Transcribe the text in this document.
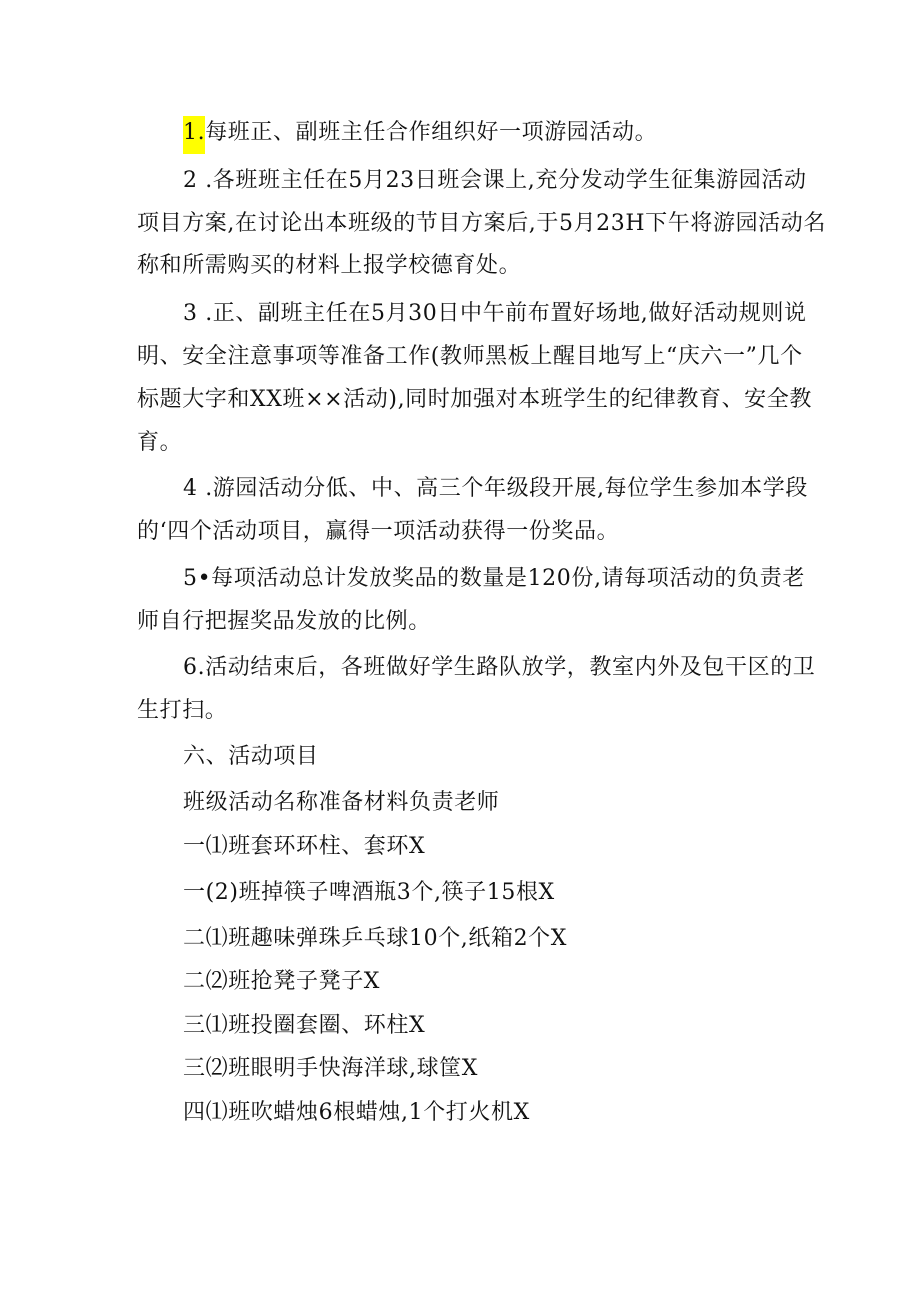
1.每班正、副班主任合作组织好一项游园活动。
2 .各班班主任在5月23日班会课上,充分发动学生征集游园活动
项目方案,在讨论出本班级的节目方案后,于5月23H下午将游园活动名
称和所需购买的材料上报学校德育处。
3 .正、副班主任在5月30日中午前布置好场地,做好活动规则说
明、安全注意事项等准备工作(教师黑板上醒目地写上“庆六一”几个
标题大字和XX班××活动),同时加强对本班学生的纪律教育、安全教
育。
4 .游园活动分低、中、高三个年级段开展,每位学生参加本学段
的‘四个活动项目，赢得一项活动获得一份奖品。
5•每项活动总计发放奖品的数量是120份,请每项活动的负责老
师自行把握奖品发放的比例。
6.活动结束后，各班做好学生路队放学，教室内外及包干区的卫
生打扫。
六、活动项目
班级活动名称准备材料负责老师
一⑴班套环环柱、套环X
一(2)班掉筷子啤酒瓶3个,筷子15根X
二⑴班趣味弹珠乒乓球10个,纸箱2个X
二⑵班抢凳子凳子X
三⑴班投圈套圈、环柱X
三⑵班眼明手快海洋球,球筐X
四⑴班吹蜡烛6根蜡烛,1个打火机X
